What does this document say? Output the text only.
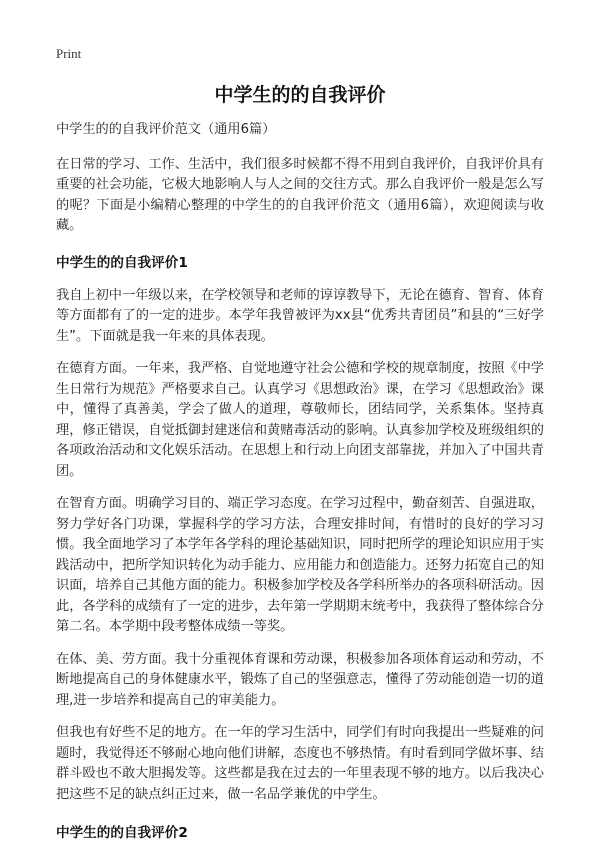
Print
中学生的的自我评价

中学生的的自我评价范文（通用6篇）

在日常的学习、工作、生活中，我们很多时候都不得不用到自我评价，自我评价具有重要的社会功能，它极大地影响人与人之间的交往方式。那么自我评价一般是怎么写的呢？下面是小编精心整理的中学生的的自我评价范文（通用6篇），欢迎阅读与收藏。

中学生的的自我评价1

我自上初中一年级以来，在学校领导和老师的谆谆教导下，无论在德育、智育、体育等方面都有了的一定的进步。本学年我曾被评为xx县“优秀共青团员”和县的“三好学生”。下面就是我一年来的具体表现。

在德育方面。一年来，我严格、自觉地遵守社会公德和学校的规章制度，按照《中学生日常行为规范》严格要求自己。认真学习《思想政治》课，在学习《思想政治》课中，懂得了真善美，学会了做人的道理，尊敬师长，团结同学，关系集体。坚持真理，修正错误，自觉抵御封建迷信和黄赌毒活动的影响。认真参加学校及班级组织的各项政治活动和文化娱乐活动。在思想上和行动上向团支部靠拢，并加入了中国共青团。

在智育方面。明确学习目的、端正学习态度。在学习过程中，勤奋刻苦、自强进取，努力学好各门功课，掌握科学的学习方法，合理安排时间，有惜时的良好的学习习惯。我全面地学习了本学年各学科的理论基础知识，同时把所学的理论知识应用于实践活动中，把所学知识转化为动手能力、应用能力和创造能力。还努力拓宽自己的知识面，培养自己其他方面的能力。积极参加学校及各学科所举办的各项科研活动。因此，各学科的成绩有了一定的进步，去年第一学期期末统考中，我获得了整体综合分第二名。本学期中段考整体成绩一等奖。

在体、美、劳方面。我十分重视体育课和劳动课，积极参加各项体育运动和劳动，不断地提高自己的身体健康水平，锻炼了自己的坚强意志，懂得了劳动能创造一切的道理,进一步培养和提高自己的审美能力。

但我也有好些不足的地方。在一年的学习生活中，同学们有时向我提出一些疑难的问题时，我觉得还不够耐心地向他们讲解，态度也不够热情。有时看到同学做坏事、结群斗殴也不敢大胆揭发等。这些都是我在过去的一年里表现不够的地方。以后我决心把这些不足的缺点纠正过来，做一名品学兼优的中学生。

中学生的的自我评价2
